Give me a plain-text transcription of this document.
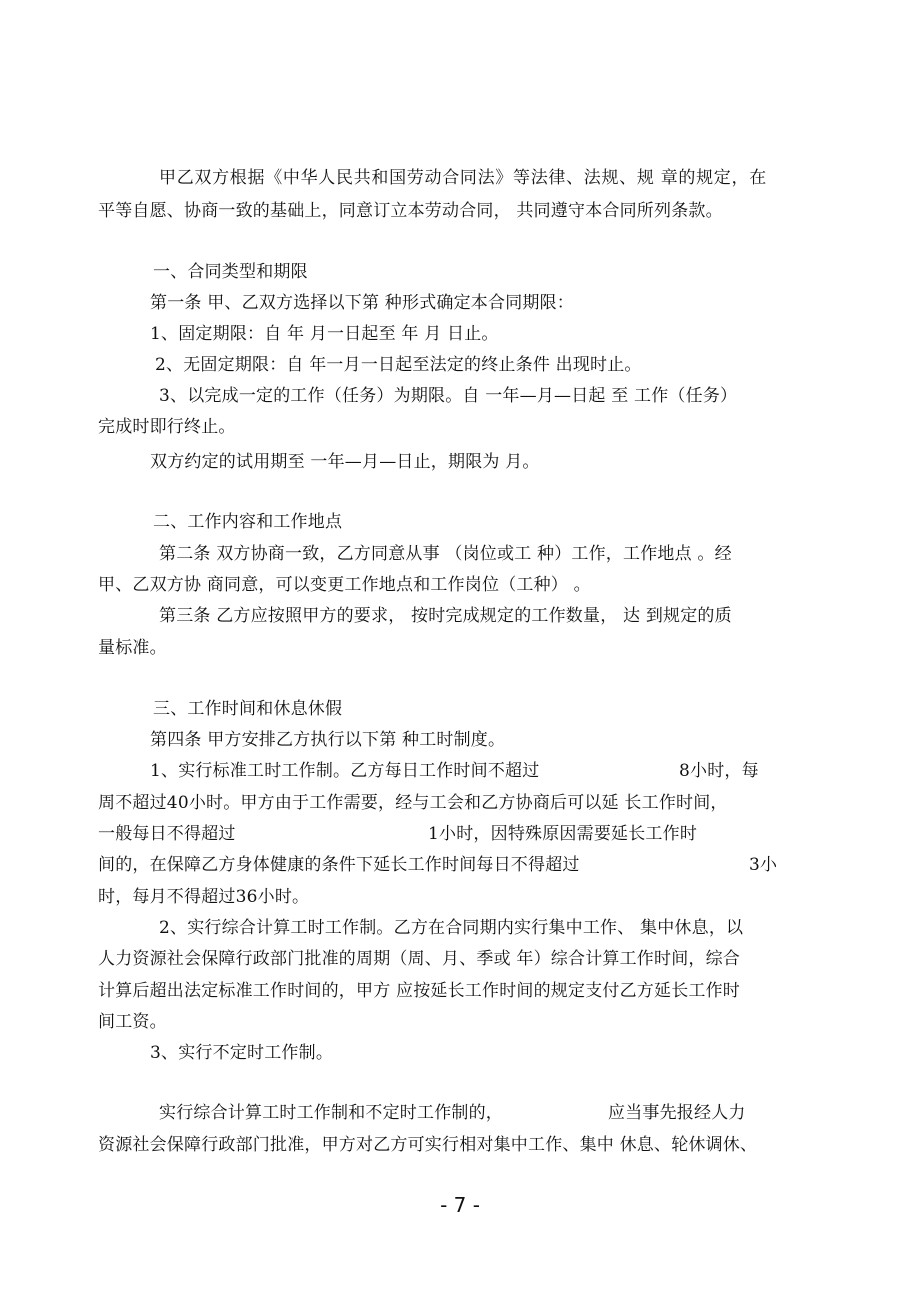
甲乙双方根据《中华人民共和国劳动合同法》等法律、法规、规 章的规定，在
平等自愿、协商一致的基础上，同意订立本劳动合同， 共同遵守本合同所列条款。
一、合同类型和期限
第一条 甲、乙双方选择以下第 种形式确定本合同期限：
1、固定期限：自 年 月一日起至 年 月 日止。
2、无固定期限：自 年一月一日起至法定的终止条件 出现时止。
3、以完成一定的工作（任务）为期限。自 一年—月—日起 至 工作（任务）
完成时即行终止。
双方约定的试用期至 一年—月—日止，期限为 月。
二、工作内容和工作地点
第二条 双方协商一致，乙方同意从事 （岗位或工 种）工作，工作地点 。经
甲、乙双方协 商同意，可以变更工作地点和工作岗位（工种） 。
第三条 乙方应按照甲方的要求， 按时完成规定的工作数量， 达 到规定的质
量标准。
三、工作时间和休息休假
第四条 甲方安排乙方执行以下第 种工时制度。
1、实行标准工时工作制。乙方每日工作时间不超过	8小时，每
周不超过40小时。甲方由于工作需要，经与工会和乙方协商后可以延 长工作时间，
一般每日不得超过	1小时，因特殊原因需要延长工作时
间的，在保障乙方身体健康的条件下延长工作时间每日不得超过	3小
时，每月不得超过36小时。
2、实行综合计算工时工作制。乙方在合同期内实行集中工作、 集中休息，以
人力资源社会保障行政部门批准的周期（周、月、季或 年）综合计算工作时间，综合
计算后超出法定标准工作时间的，甲方 应按延长工作时间的规定支付乙方延长工作时
间工资。
3、实行不定时工作制。
实行综合计算工时工作制和不定时工作制的，	应当事先报经人力
资源社会保障行政部门批准，甲方对乙方可实行相对集中工作、集中 休息、轮休调休、
- 7 -
